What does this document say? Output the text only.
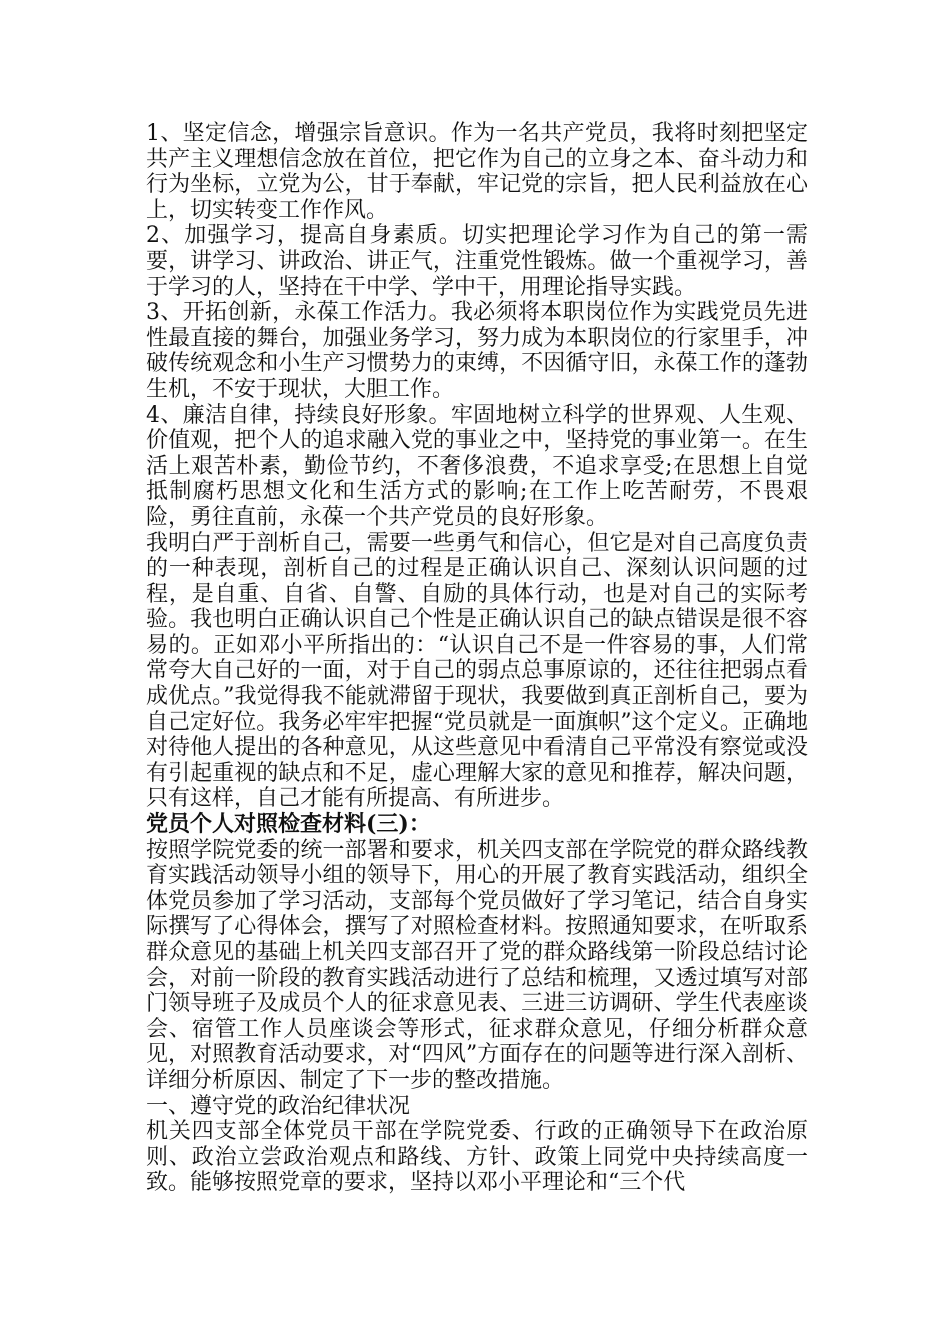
1、坚定信念，增强宗旨意识。作为一名共产党员，我将时刻把坚定共产主义理想信念放在首位，把它作为自己的立身之本、奋斗动力和行为坐标，立党为公，甘于奉献，牢记党的宗旨，把人民利益放在心上，切实转变工作作风。

2、加强学习，提高自身素质。切实把理论学习作为自己的第一需要，讲学习、讲政治、讲正气，注重党性锻炼。做一个重视学习，善于学习的人，坚持在干中学、学中干，用理论指导实践。

3、开拓创新，永葆工作活力。我必须将本职岗位作为实践党员先进性最直接的舞台，加强业务学习，努力成为本职岗位的行家里手，冲破传统观念和小生产习惯势力的束缚，不因循守旧，永葆工作的蓬勃生机，不安于现状，大胆工作。

4、廉洁自律，持续良好形象。牢固地树立科学的世界观、人生观、价值观，把个人的追求融入党的事业之中，坚持党的事业第一。在生活上艰苦朴素，勤俭节约，不奢侈浪费，不追求享受;在思想上自觉抵制腐朽思想文化和生活方式的影响;在工作上吃苦耐劳，不畏艰险，勇往直前，永葆一个共产党员的良好形象。

我明白严于剖析自己，需要一些勇气和信心，但它是对自己高度负责的一种表现，剖析自己的过程是正确认识自己、深刻认识问题的过程，是自重、自省、自警、自励的具体行动，也是对自己的实际考验。我也明白正确认识自己个性是正确认识自己的缺点错误是很不容易的。正如邓小平所指出的：“认识自己不是一件容易的事，人们常常夸大自己好的一面，对于自己的弱点总事原谅的，还往往把弱点看成优点。”我觉得我不能就滞留于现状，我要做到真正剖析自己，要为自己定好位。我务必牢牢把握“党员就是一面旗帜”这个定义。正确地对待他人提出的各种意见，从这些意见中看清自己平常没有察觉或没有引起重视的缺点和不足，虚心理解大家的意见和推荐，解决问题，只有这样，自己才能有所提高、有所进步。

党员个人对照检查材料(三)：

按照学院党委的统一部署和要求，机关四支部在学院党的群众路线教育实践活动领导小组的领导下，用心的开展了教育实践活动，组织全体党员参加了学习活动，支部每个党员做好了学习笔记，结合自身实际撰写了心得体会，撰写了对照检查材料。按照通知要求，在听取系群众意见的基础上机关四支部召开了党的群众路线第一阶段总结讨论会，对前一阶段的教育实践活动进行了总结和梳理，又透过填写对部门领导班子及成员个人的征求意见表、三进三访调研、学生代表座谈会、宿管工作人员座谈会等形式，征求群众意见，仔细分析群众意见，对照教育活动要求，对“四风”方面存在的问题等进行深入剖析、详细分析原因、制定了下一步的整改措施。

一、遵守党的政治纪律状况

机关四支部全体党员干部在学院党委、行政的正确领导下在政治原则、政治立尝政治观点和路线、方针、政策上同党中央持续高度一致。能够按照党章的要求，坚持以邓小平理论和“三个代
